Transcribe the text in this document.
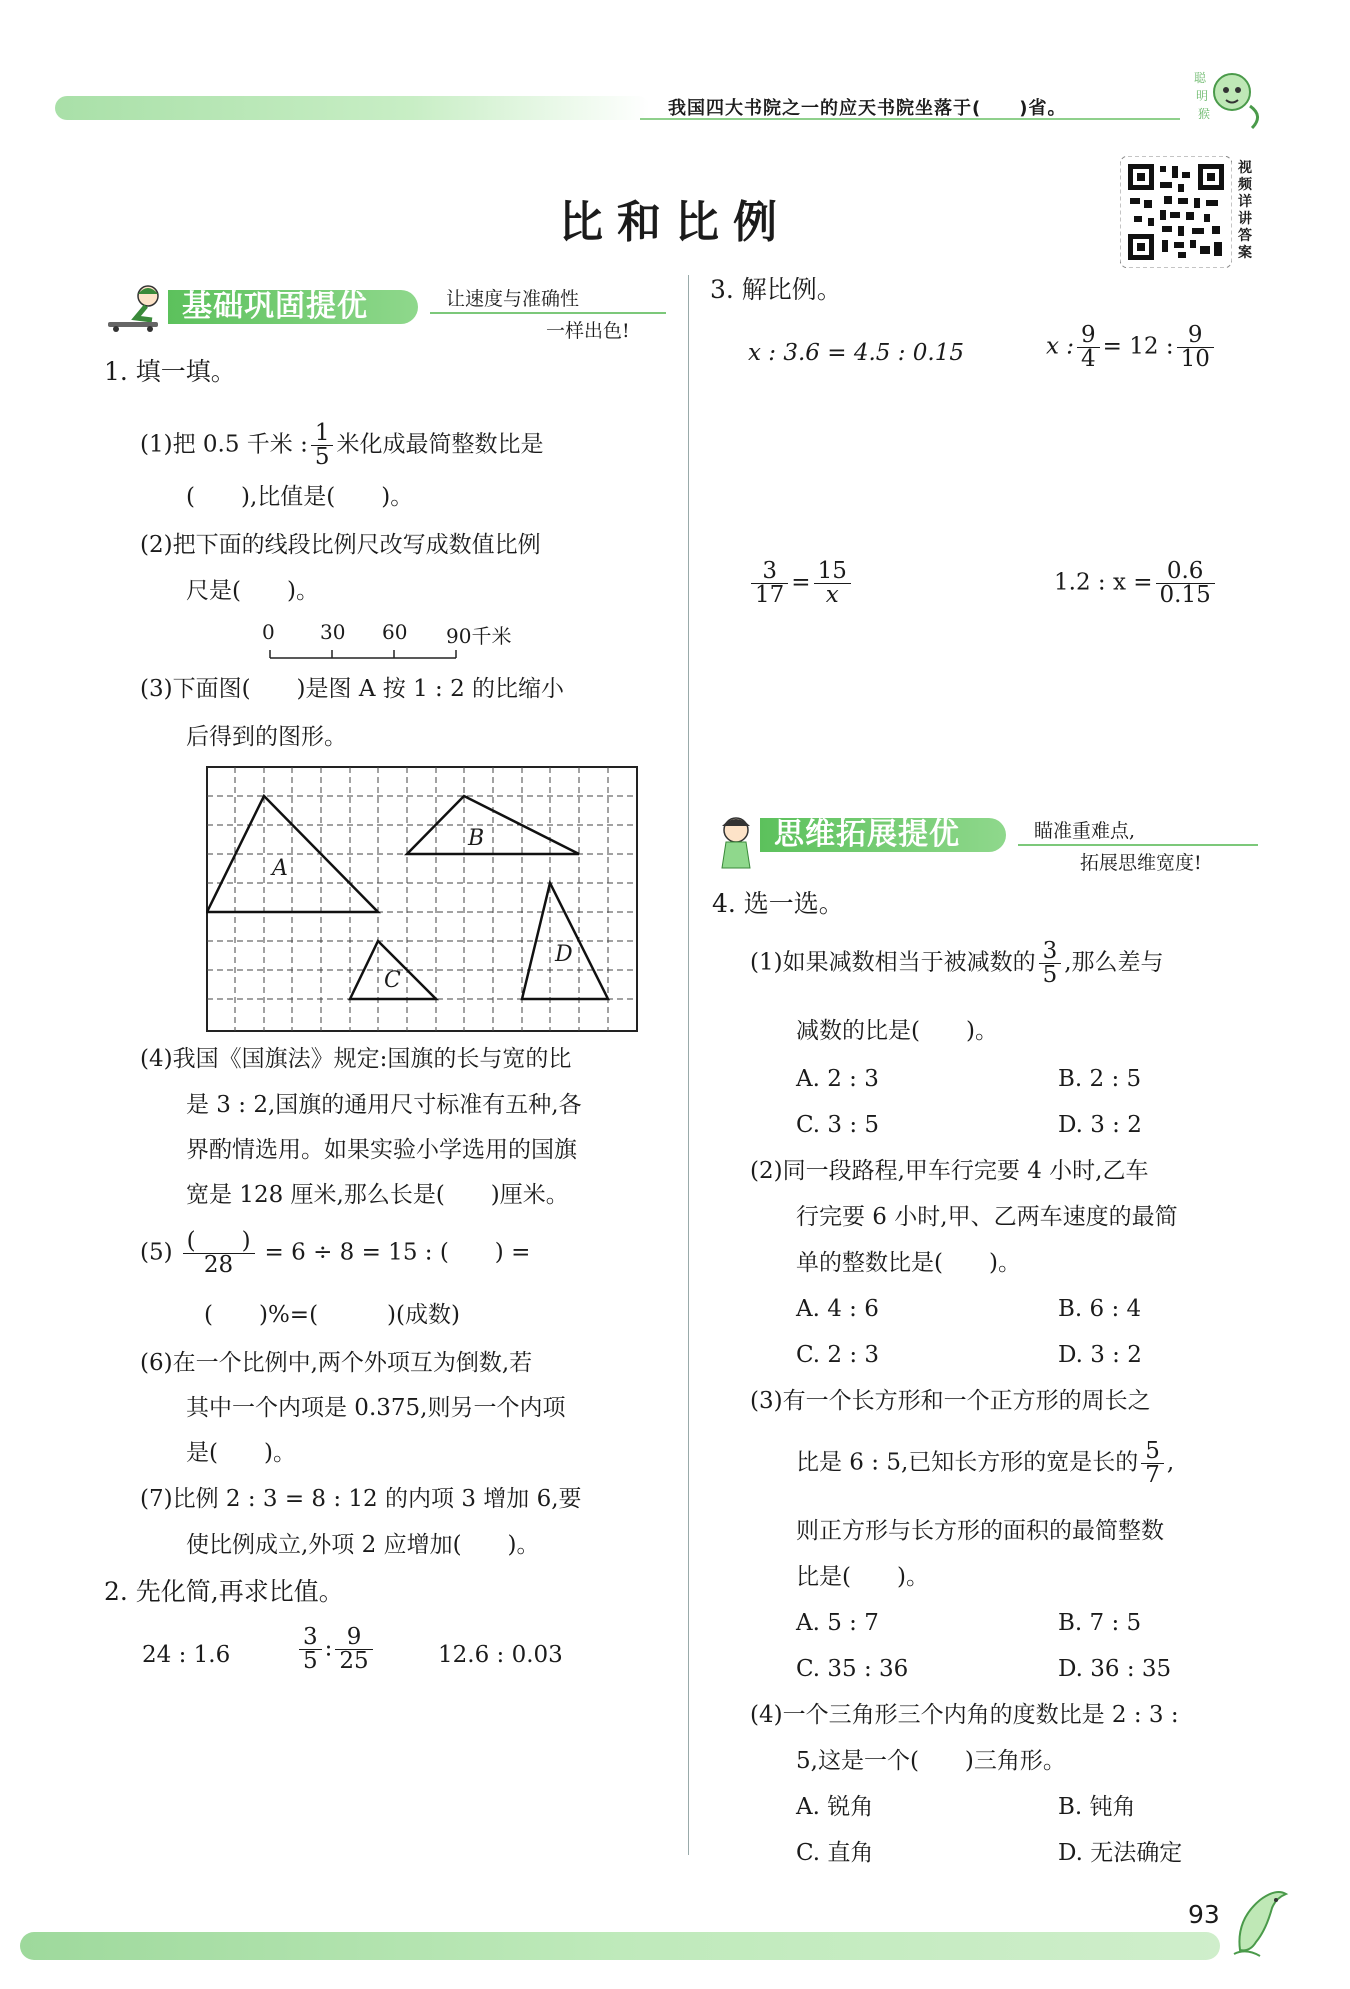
我国四大书院之一的应天书院坐落于(　　)省。
聪
明
猴
视频详讲答案
比和比例
基础巩固提优	让速度与准确性
一样出色!
1. 填一填。
(1)把 0.5 千米 : $\frac{1}{5}$ 米化成最简整数比是
(　　),比值是(　　)。
(2)把下面的线段比例尺改写成数值比例
尺是(　　)。
0 30 60 90千米
(3)下面图(　　)是图 A 按 1 : 2 的比缩小
后得到的图形。
A
B
C
D
(4)我国《国旗法》规定:国旗的长与宽的比
是 3 : 2,国旗的通用尺寸标准有五种,各
界酌情选用。如果实验小学选用的国旗
宽是 128 厘米,那么长是(　　)厘米。
$(5) \frac{( )}{28} = 6 \div 8 = 15$ : (　　) =
(　　)%=(　　　)(成数)
(6)在一个比例中,两个外项互为倒数,若
其中一个内项是 0.375,则另一个内项
是(　　)。
(7)比例 2 : 3 = 8 : 12 的内项 3 增加 6,要
使比例成立,外项 2 应增加(　　)。
2. 先化简,再求比值。
24 : 1.6	$\frac{3}{5}$ : $\frac{9}{25}$	12.6 : 0.03
3. 解比例。
x : 3.6 = 4.5 : 0.15	x : $\frac{9}{4} = 12$ : $\frac{9}{10}$
$\frac{3}{17} = \frac{15}{x}$	1.2 : $x = \frac{0.6}{0.15}$
思维拓展提优	瞄准重难点,
拓展思维宽度!
4. 选一选。
(1)如果减数相当于被减数的 $\frac{3}{5}$ ,那么差与
减数的比是(　　)。
A. 2 : 3	B. 2 : 5
C. 3 : 5	D. 3 : 2
(2)同一段路程,甲车行完要 4 小时,乙车
行完要 6 小时,甲、乙两车速度的最简
单的整数比是(　　)。
A. 4 : 6	B. 6 : 4
C. 2 : 3	D. 3 : 2
(3)有一个长方形和一个正方形的周长之
比是 6 : 5,已知长方形的宽是长的 $\frac{5}{7}$ ,
则正方形与长方形的面积的最简整数
比是(　　)。
A. 5 : 7	B. 7 : 5
C. 35 : 36	D. 36 : 35
(4)一个三角形三个内角的度数比是 2 : 3 :
5,这是一个(　　)三角形。
A. 锐角	B. 钝角
C. 直角	D. 无法确定
93
